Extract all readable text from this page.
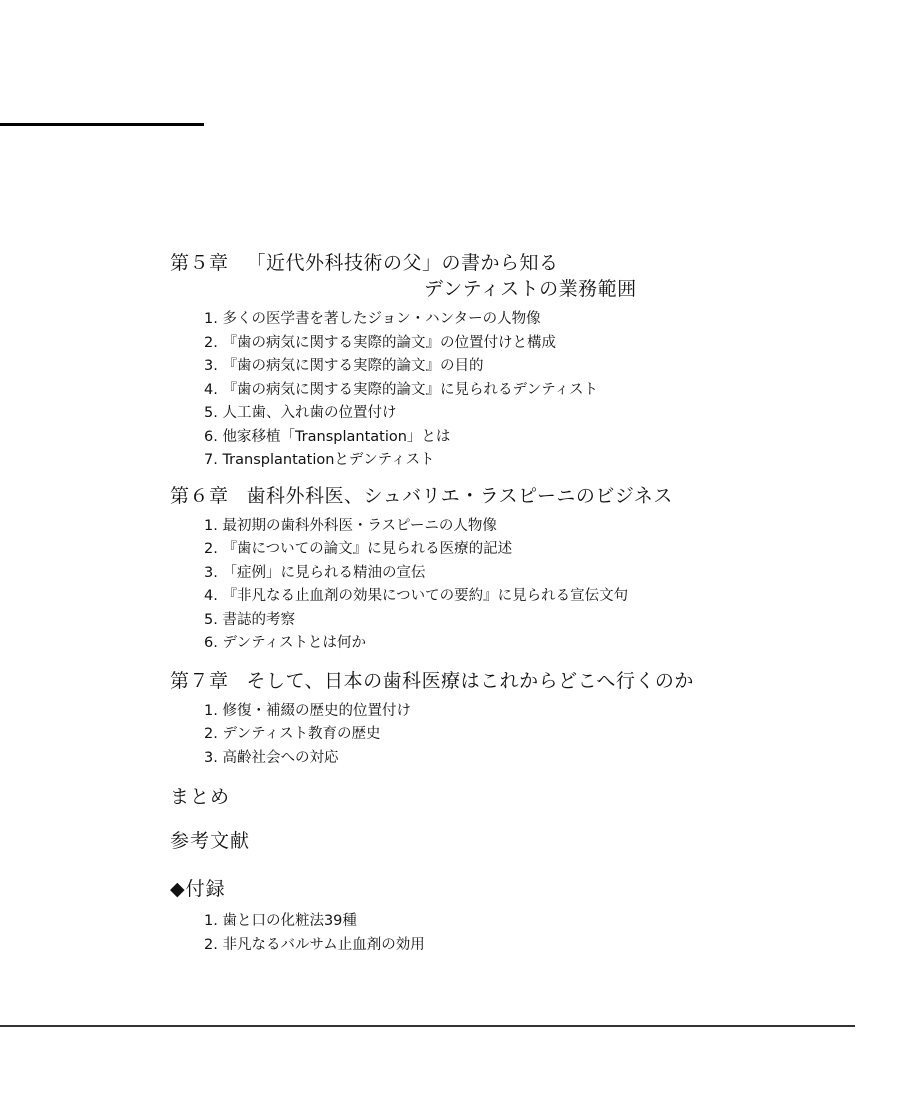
第５章 「近代外科技術の父」の書から知る
デンティストの業務範囲
1. 多くの医学書を著したジョン・ハンターの人物像
2. 『歯の病気に関する実際的論文』の位置付けと構成
3. 『歯の病気に関する実際的論文』の目的
4. 『歯の病気に関する実際的論文』に見られるデンティスト
5. 人工歯、入れ歯の位置付け
6. 他家移植「Transplantation」とは
7. Transplantationとデンティスト
第６章 歯科外科医、シュバリエ・ラスピーニのビジネス
1. 最初期の歯科外科医・ラスピーニの人物像
2. 『歯についての論文』に見られる医療的記述
3. 「症例」に見られる精油の宣伝
4. 『非凡なる止血剤の効果についての要約』に見られる宣伝文句
5. 書誌的考察
6. デンティストとは何か
第７章 そして、日本の歯科医療はこれからどこへ行くのか
1. 修復・補綴の歴史的位置付け
2. デンティスト教育の歴史
3. 高齢社会への対応
まとめ
参考文献
◆付録
1. 歯と口の化粧法39種
2. 非凡なるバルサム止血剤の効用
